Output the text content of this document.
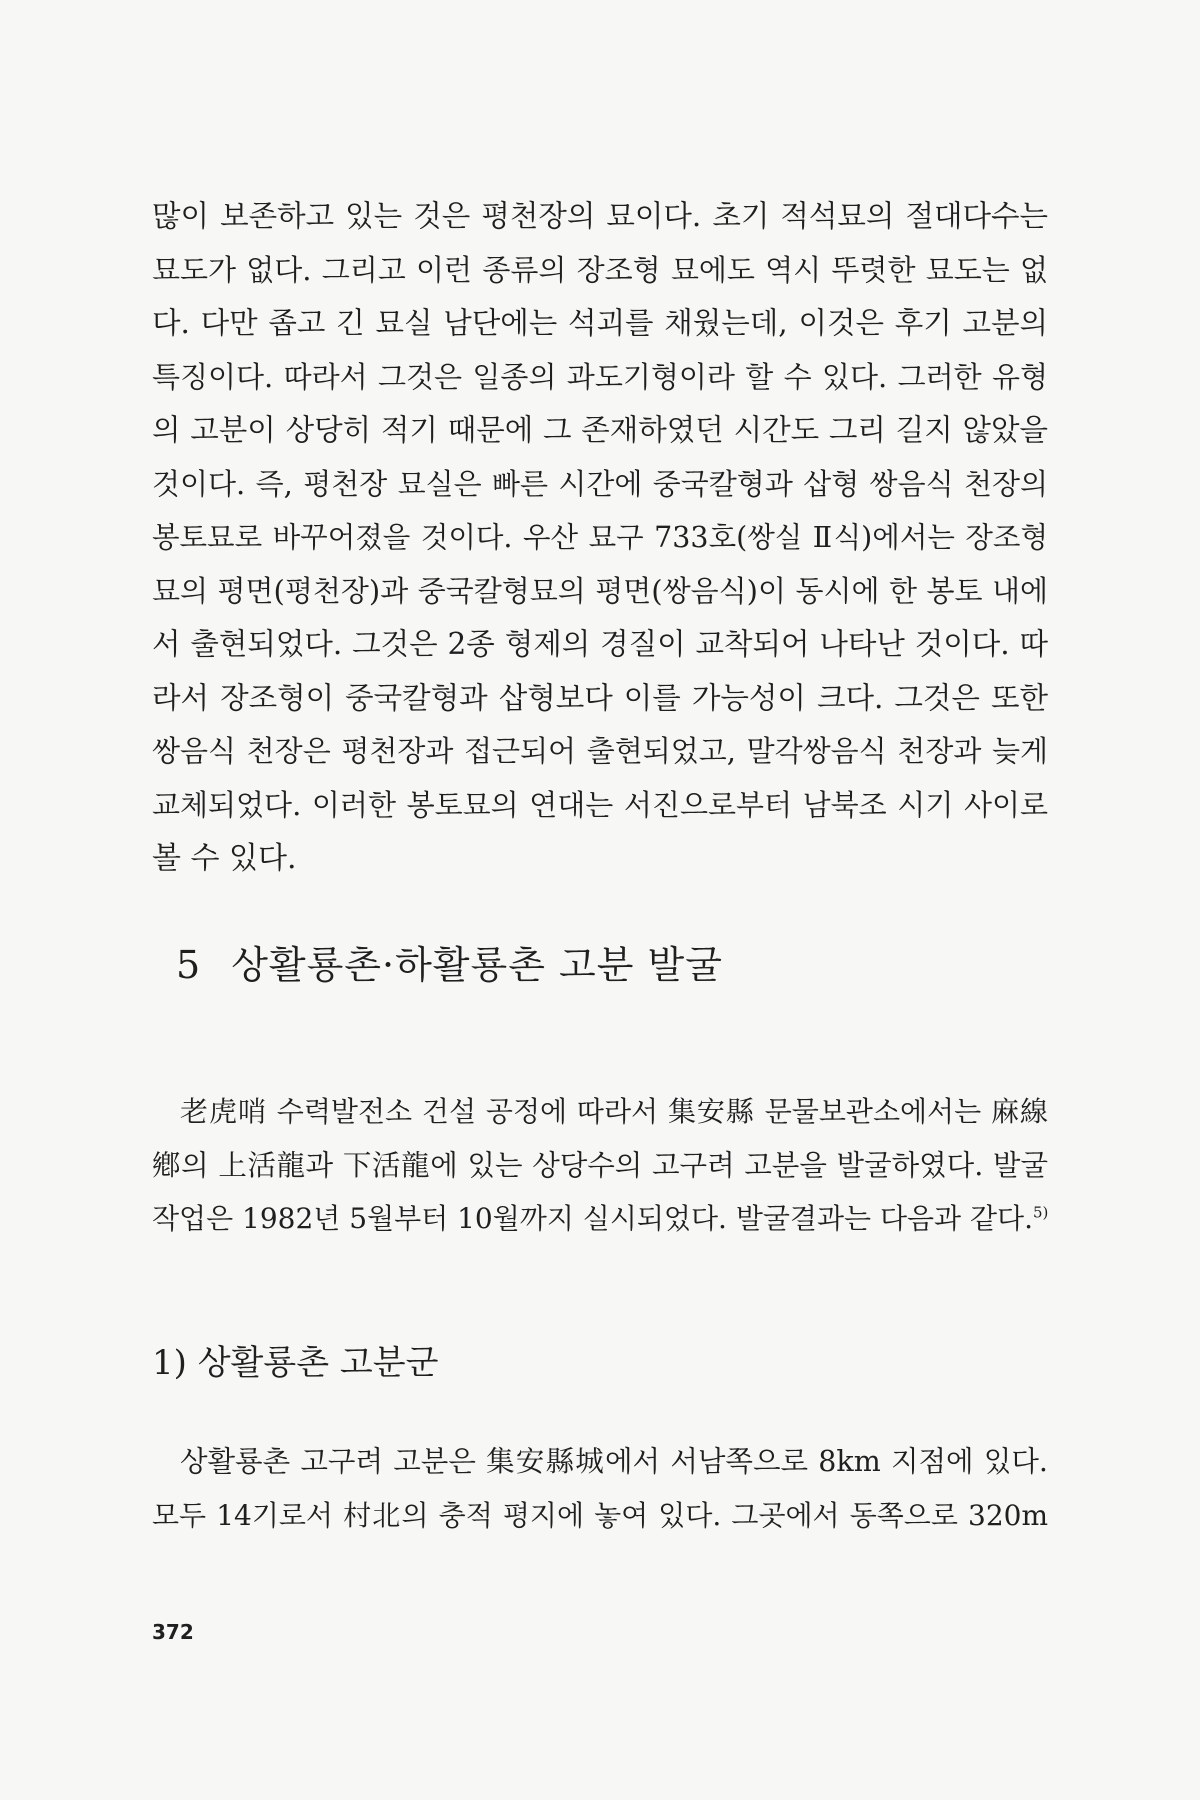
많이 보존하고 있는 것은 평천장의 묘이다. 초기 적석묘의 절대다수는
묘도가 없다. 그리고 이런 종류의 장조형 묘에도 역시 뚜렷한 묘도는 없
다. 다만 좁고 긴 묘실 남단에는 석괴를 채웠는데, 이것은 후기 고분의
특징이다. 따라서 그것은 일종의 과도기형이라 할 수 있다. 그러한 유형
의 고분이 상당히 적기 때문에 그 존재하였던 시간도 그리 길지 않았을
것이다. 즉, 평천장 묘실은 빠른 시간에 중국칼형과 삽형 쌍음식 천장의
봉토묘로 바꾸어졌을 것이다. 우산 묘구 733호(쌍실 Ⅱ식)에서는 장조형
묘의 평면(평천장)과 중국칼형묘의 평면(쌍음식)이 동시에 한 봉토 내에
서 출현되었다. 그것은 2종 형제의 경질이 교착되어 나타난 것이다. 따
라서 장조형이 중국칼형과 삽형보다 이를 가능성이 크다. 그것은 또한
쌍음식 천장은 평천장과 접근되어 출현되었고, 말각쌍음식 천장과 늦게
교체되었다. 이러한 봉토묘의 연대는 서진으로부터 남북조 시기 사이로
볼 수 있다.
5 상활룡촌·하활룡촌 고분 발굴
老虎哨 수력발전소 건설 공정에 따라서 集安縣 문물보관소에서는 麻線
鄕의 上活龍과 下活龍에 있는 상당수의 고구려 고분을 발굴하였다. 발굴
작업은 1982년 5월부터 10월까지 실시되었다. 발굴결과는 다음과 같다.$^{5)}$
1) 상활룡촌 고분군
상활룡촌 고구려 고분은 集安縣城에서 서남쪽으로 8km 지점에 있다.
모두 14기로서 村北의 충적 평지에 놓여 있다. 그곳에서 동쪽으로 320m
372
